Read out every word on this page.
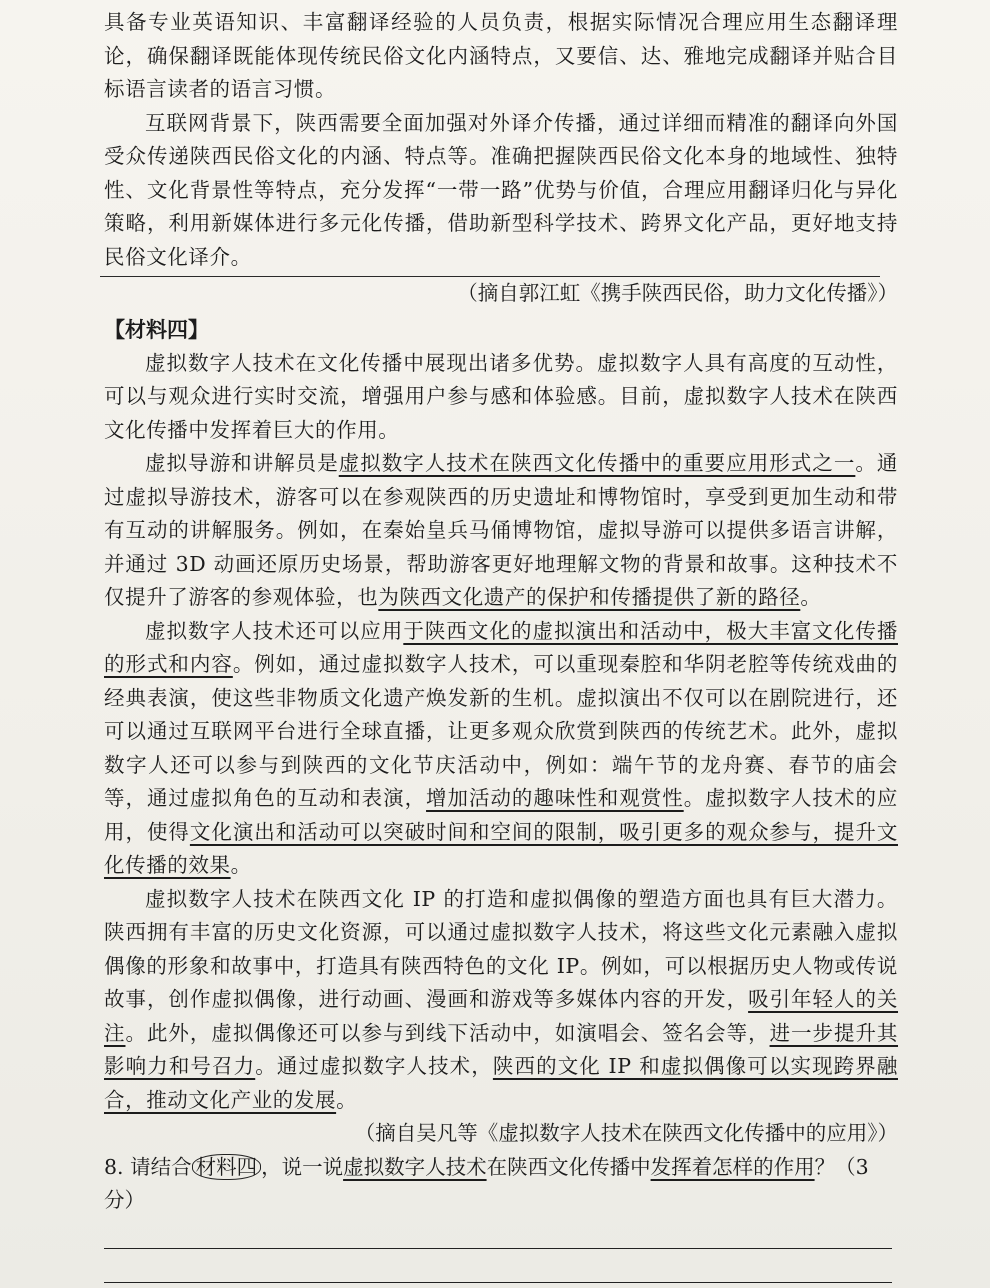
具备专业英语知识、丰富翻译经验的人员负责，根据实际情况合理应用生态翻译理论，确保翻译既能体现传统民俗文化内涵特点，又要信、达、雅地完成翻译并贴合目标语言读者的语言习惯。

互联网背景下，陕西需要全面加强对外译介传播，通过详细而精准的翻译向外国受众传递陕西民俗文化的内涵、特点等。准确把握陕西民俗文化本身的地域性、独特性、文化背景性等特点，充分发挥“一带一路”优势与价值，合理应用翻译归化与异化策略，利用新媒体进行多元化传播，借助新型科学技术、跨界文化产品，更好地支持民俗文化译介。

（摘自郭江虹《携手陕西民俗，助力文化传播》）

【材料四】

虚拟数字人技术在文化传播中展现出诸多优势。虚拟数字人具有高度的互动性，可以与观众进行实时交流，增强用户参与感和体验感。目前，虚拟数字人技术在陕西文化传播中发挥着巨大的作用。

虚拟导游和讲解员是虚拟数字人技术在陕西文化传播中的重要应用形式之一。通过虚拟导游技术，游客可以在参观陕西的历史遗址和博物馆时，享受到更加生动和带有互动的讲解服务。例如，在秦始皇兵马俑博物馆，虚拟导游可以提供多语言讲解，并通过 3D 动画还原历史场景，帮助游客更好地理解文物的背景和故事。这种技术不仅提升了游客的参观体验，也为陕西文化遗产的保护和传播提供了新的路径。

虚拟数字人技术还可以应用于陕西文化的虚拟演出和活动中，极大丰富文化传播的形式和内容。例如，通过虚拟数字人技术，可以重现秦腔和华阴老腔等传统戏曲的经典表演，使这些非物质文化遗产焕发新的生机。虚拟演出不仅可以在剧院进行，还可以通过互联网平台进行全球直播，让更多观众欣赏到陕西的传统艺术。此外，虚拟数字人还可以参与到陕西的文化节庆活动中，例如：端午节的龙舟赛、春节的庙会等，通过虚拟角色的互动和表演，增加活动的趣味性和观赏性。虚拟数字人技术的应用，使得文化演出和活动可以突破时间和空间的限制，吸引更多的观众参与，提升文化传播的效果。

虚拟数字人技术在陕西文化 IP 的打造和虚拟偶像的塑造方面也具有巨大潜力。陕西拥有丰富的历史文化资源，可以通过虚拟数字人技术，将这些文化元素融入虚拟偶像的形象和故事中，打造具有陕西特色的文化 IP。例如，可以根据历史人物或传说故事，创作虚拟偶像，进行动画、漫画和游戏等多媒体内容的开发，吸引年轻人的关注。此外，虚拟偶像还可以参与到线下活动中，如演唱会、签名会等，进一步提升其影响力和号召力。通过虚拟数字人技术，陕西的文化 IP 和虚拟偶像可以实现跨界融合，推动文化产业的发展。

（摘自吴凡等《虚拟数字人技术在陕西文化传播中的应用》）

8. 请结合 材料四 ，说一说虚拟数字人技术在陕西文化传播中发挥着怎样的作用？（3 分）
